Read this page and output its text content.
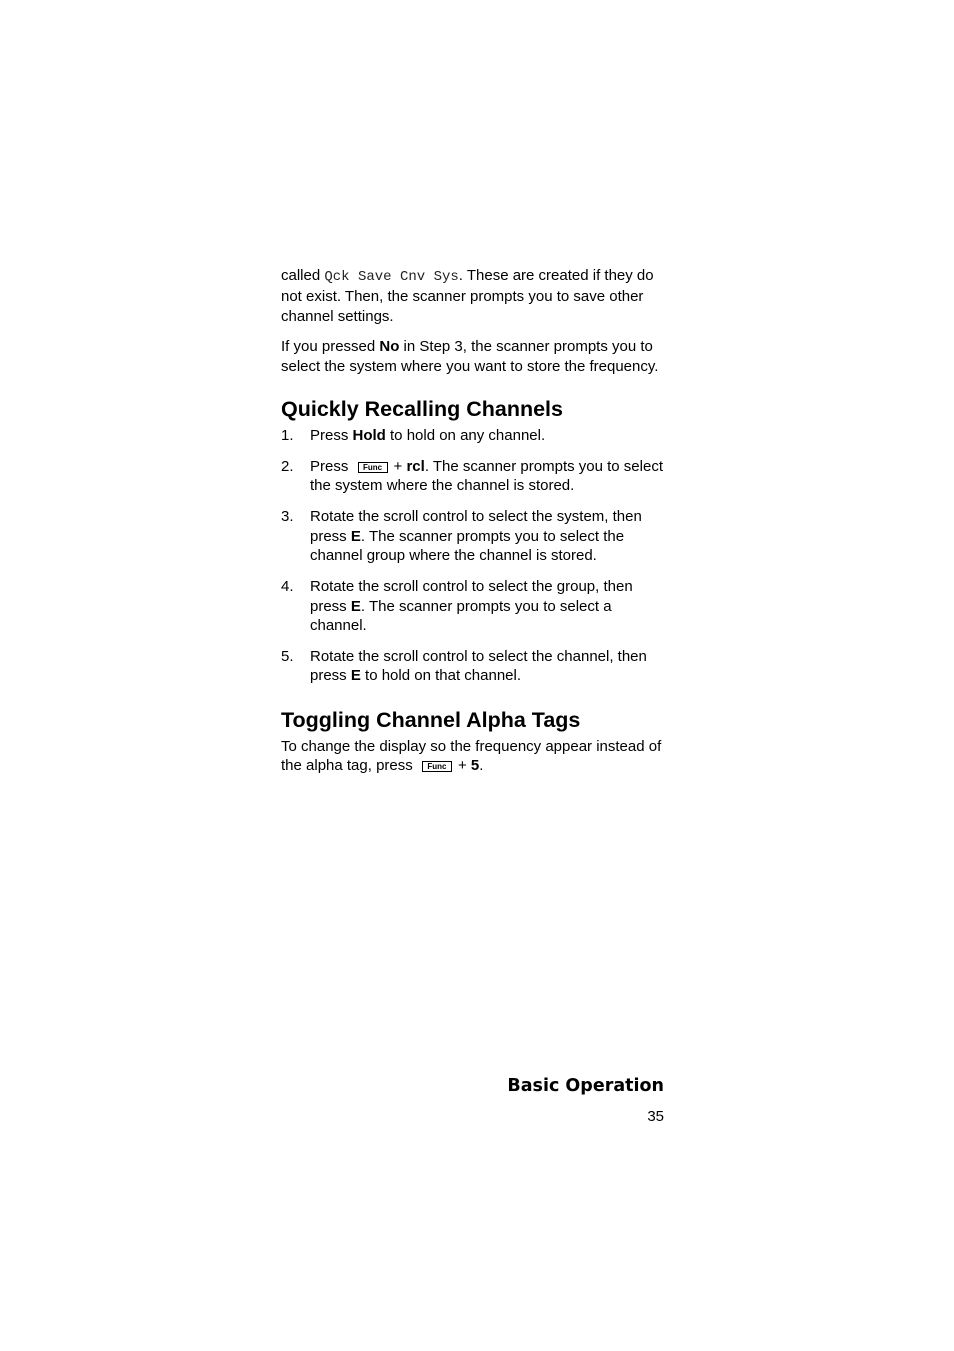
called Qck Save Cnv Sys. These are created if they do not exist. Then, the scanner prompts you to save other channel settings.

If you pressed No in Step 3, the scanner prompts you to select the system where you want to store the frequency.

Quickly Recalling Channels
1. Press Hold to hold on any channel.
2. Press Func + rcl. The scanner prompts you to select the system where the channel is stored.
3. Rotate the scroll control to select the system, then press E. The scanner prompts you to select the channel group where the channel is stored.
4. Rotate the scroll control to select the group, then press E. The scanner prompts you to select a channel.
5. Rotate the scroll control to select the channel, then press E to hold on that channel.
Toggling Channel Alpha Tags

To change the display so the frequency appear instead of the alpha tag, press Func + 5.

Basic Operation
35
